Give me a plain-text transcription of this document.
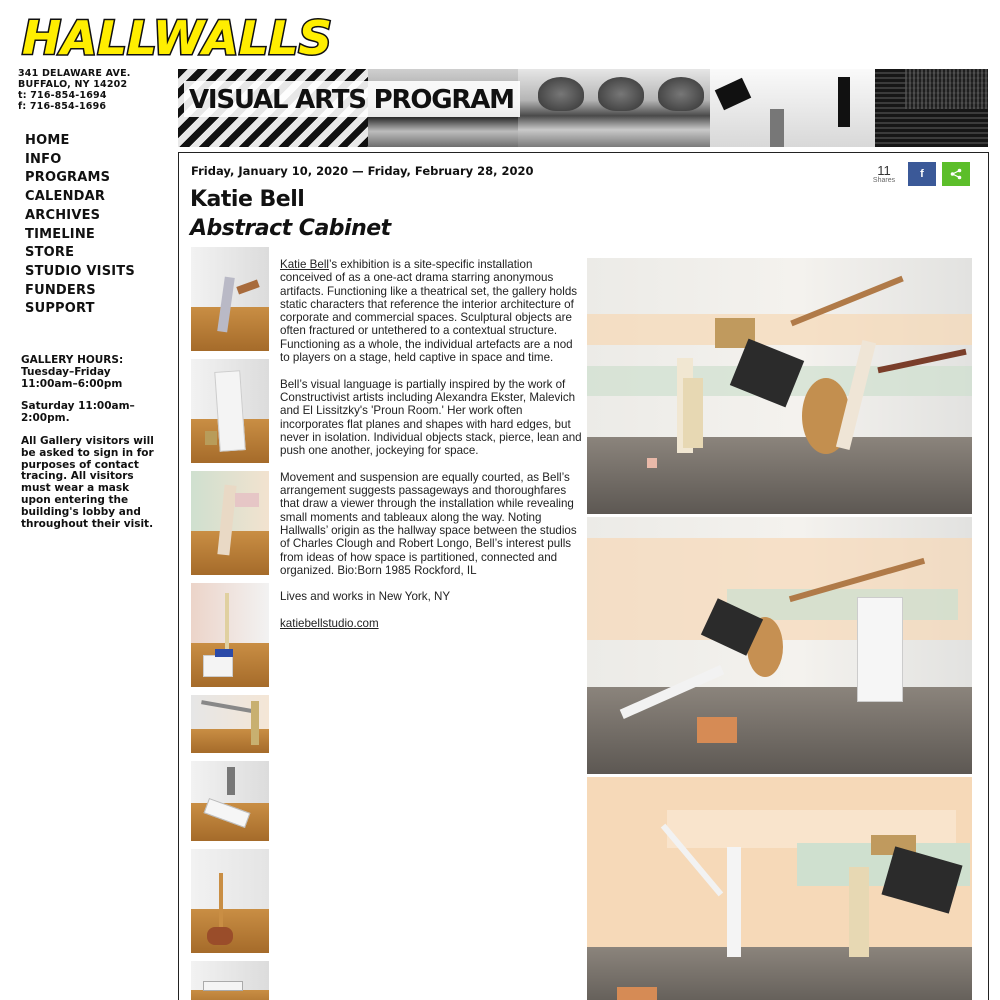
HALLWALLS
341 DELAWARE AVE.
BUFFALO, NY 14202
t: 716-854-1694
f: 716-854-1696
HOME
INFO
PROGRAMS
CALENDAR
ARCHIVES
TIMELINE
STORE
STUDIO VISITS
FUNDERS
SUPPORT

GALLERY HOURS:
Tuesday–Friday
11:00am–6:00pm

Saturday 11:00am–2:00pm.

All Gallery visitors will be asked to sign in for purposes of contact tracing. All visitors must wear a mask upon entering the building's lobby and throughout their visit.

VISUAL ARTS PROGRAM
Friday, January 10, 2020 — Friday, February 28, 2020
Katie Bell
Abstract Cabinet
11
Shares
f

Katie Bell’s exhibition is a site-specific installation conceived of as a one-act drama starring anonymous artifacts. Functioning like a theatrical set, the gallery holds static characters that reference the interior architecture of corporate and commercial spaces. Sculptural objects are often fractured or untethered to a contextual structure. Functioning as a whole, the individual artefacts are a nod to players on a stage, held captive in space and time.

Bell’s visual language is partially inspired by the work of Constructivist artists including Alexandra Ekster, Malevich and El Lissitzky's 'Proun Room.' Her work often incorporates flat planes and shapes with hard edges, but never in isolation. Individual objects stack, pierce, lean and push one another, jockeying for space.

Movement and suspension are equally courted, as Bell’s arrangement suggests passageways and thoroughfares that draw a viewer through the installation while revealing small moments and tableaux along the way. Noting Hallwalls’ origin as the hallway space between the studios of Charles Clough and Robert Longo, Bell’s interest pulls from ideas of how space is partitioned, connected and organized. Bio:Born 1985 Rockford, IL

Lives and works in New York, NY

katiebellstudio.com
